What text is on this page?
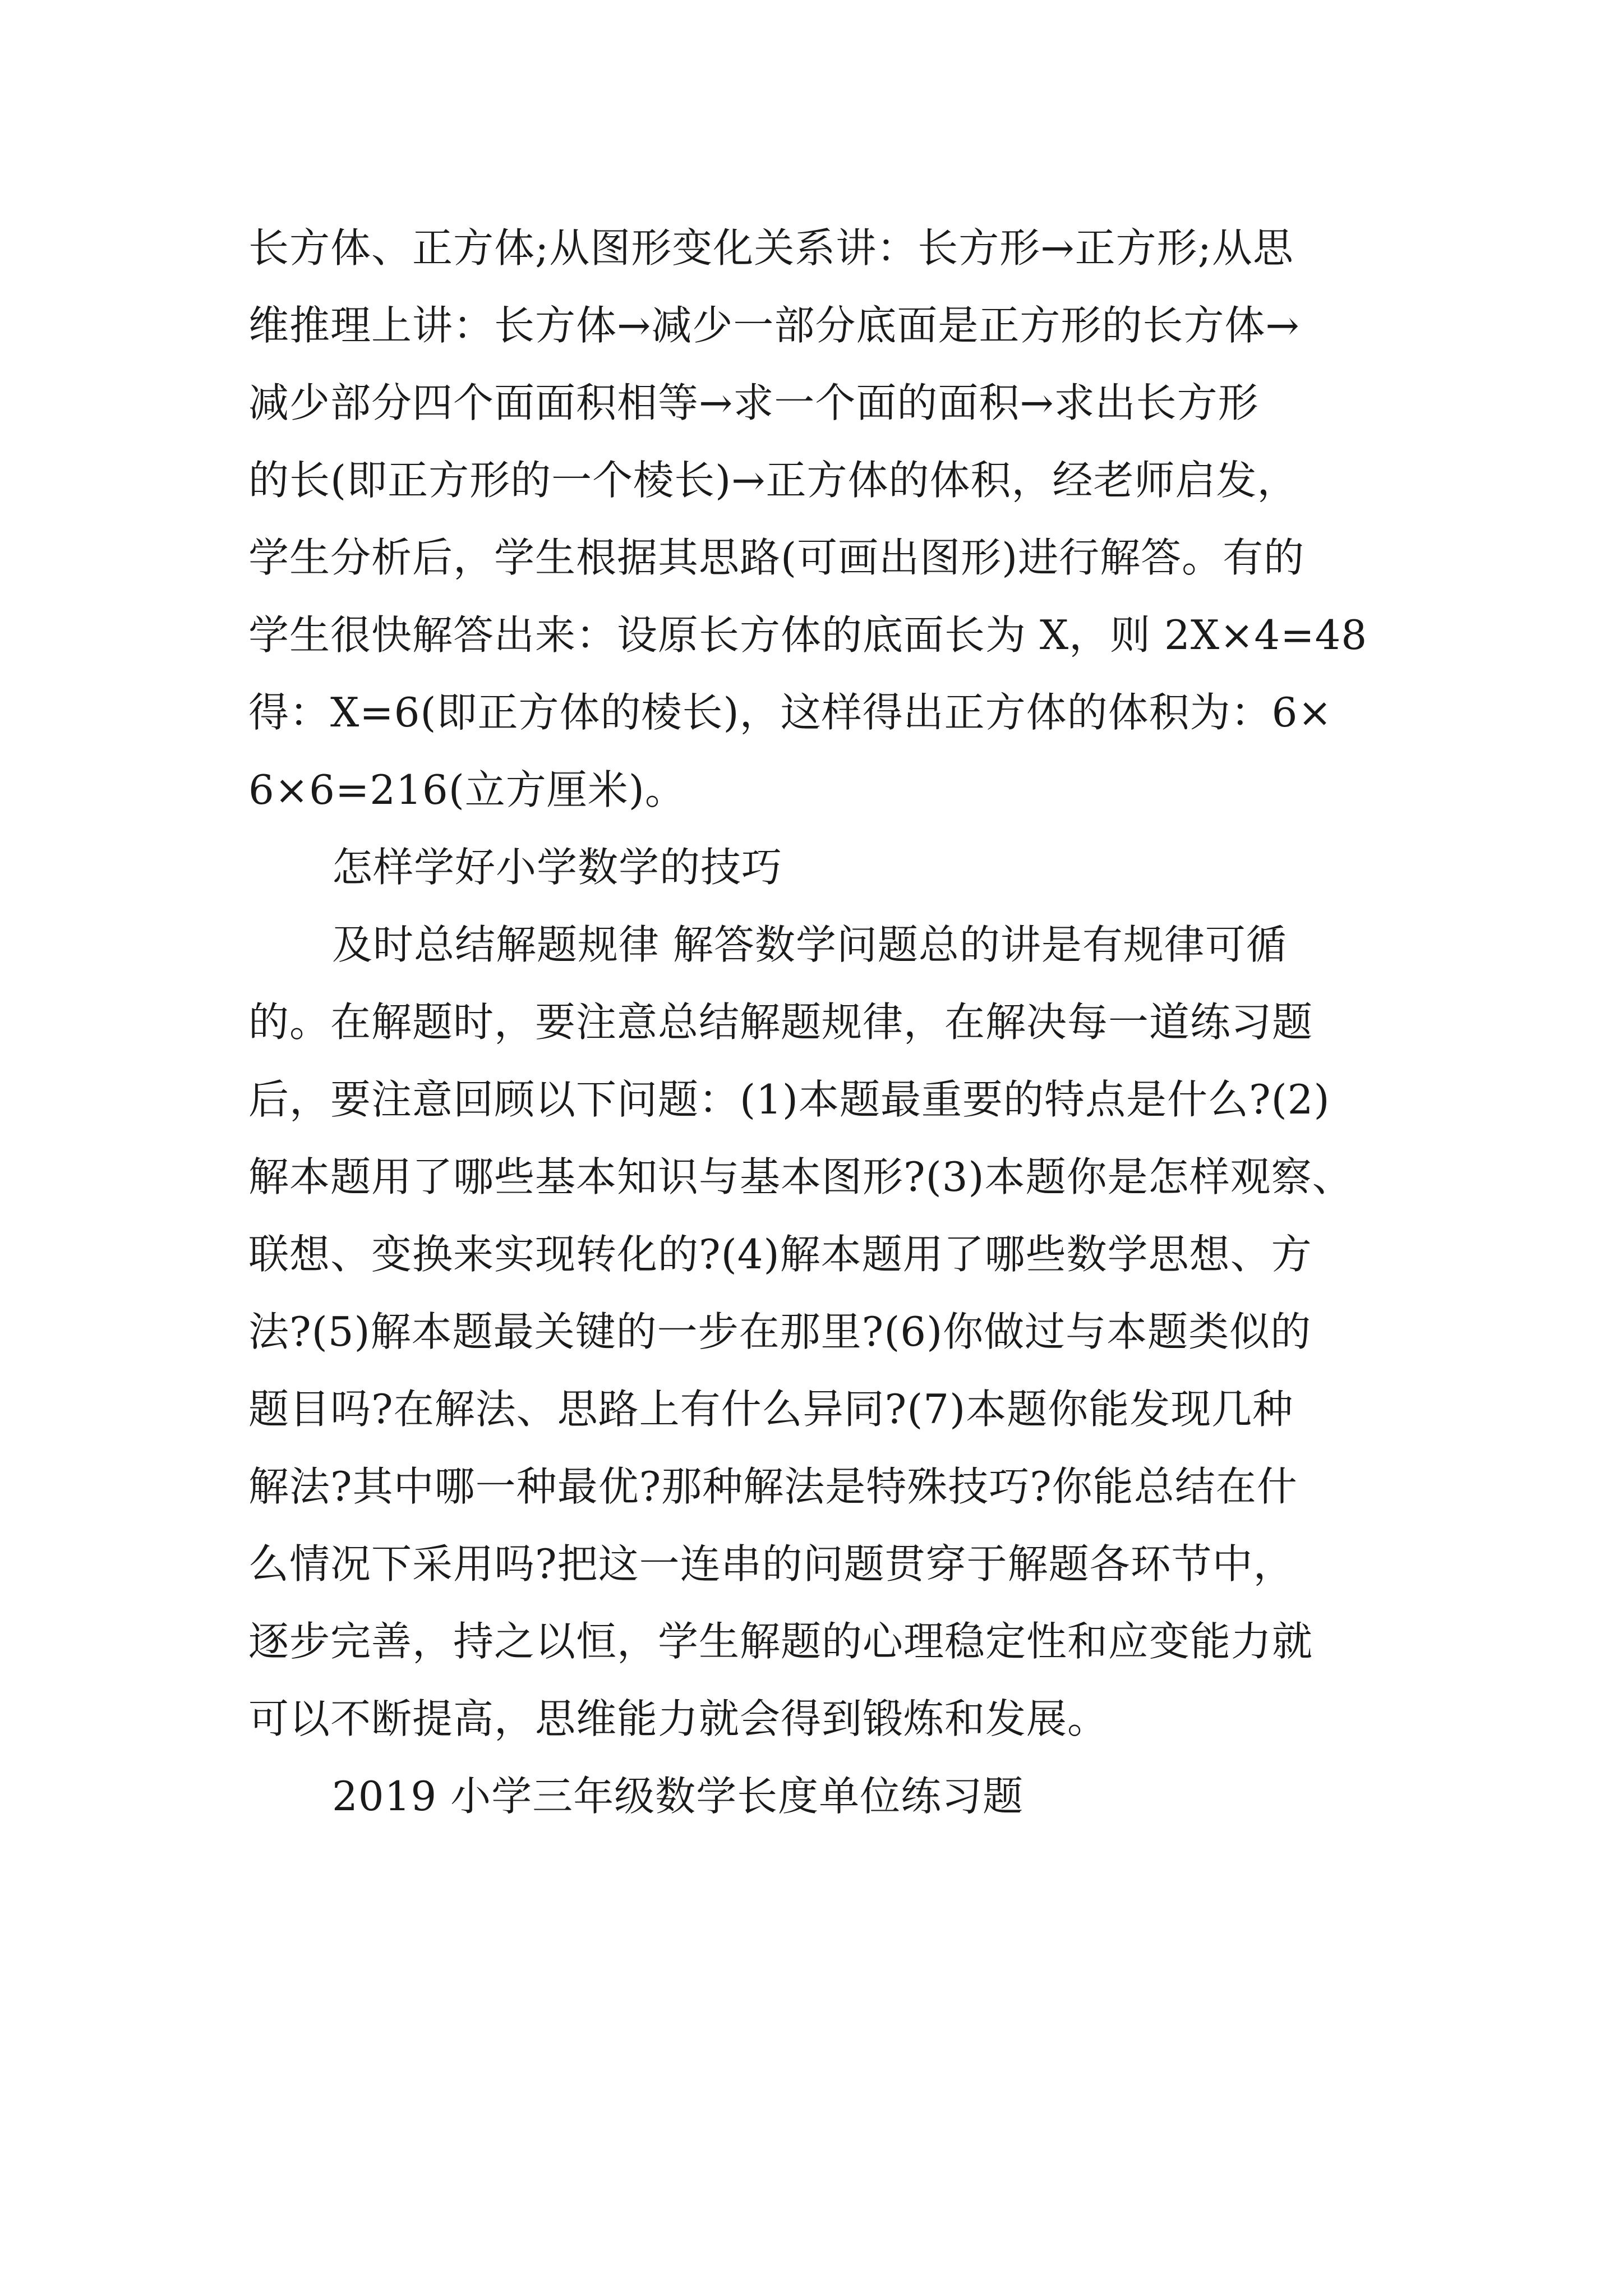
长方体、正方体;从图形变化关系讲：长方形→正方形;从思
维推理上讲：长方体→减少一部分底面是正方形的长方体→
减少部分四个面面积相等→求一个面的面积→求出长方形
的长(即正方形的一个棱长)→正方体的体积，经老师启发，
学生分析后，学生根据其思路(可画出图形)进行解答。有的
学生很快解答出来：设原长方体的底面长为 X，则 2X×4=48
得：X=6(即正方体的棱长)，这样得出正方体的体积为：6×
6×6=216(立方厘米)。
怎样学好小学数学的技巧
及时总结解题规律 解答数学问题总的讲是有规律可循
的。在解题时，要注意总结解题规律，在解决每一道练习题
后，要注意回顾以下问题：(1)本题最重要的特点是什么?(2)
解本题用了哪些基本知识与基本图形?(3)本题你是怎样观察、
联想、变换来实现转化的?(4)解本题用了哪些数学思想、方
法?(5)解本题最关键的一步在那里?(6)你做过与本题类似的
题目吗?在解法、思路上有什么异同?(7)本题你能发现几种
解法?其中哪一种最优?那种解法是特殊技巧?你能总结在什
么情况下采用吗?把这一连串的问题贯穿于解题各环节中，
逐步完善，持之以恒，学生解题的心理稳定性和应变能力就
可以不断提高，思维能力就会得到锻炼和发展。
2019 小学三年级数学长度单位练习题
